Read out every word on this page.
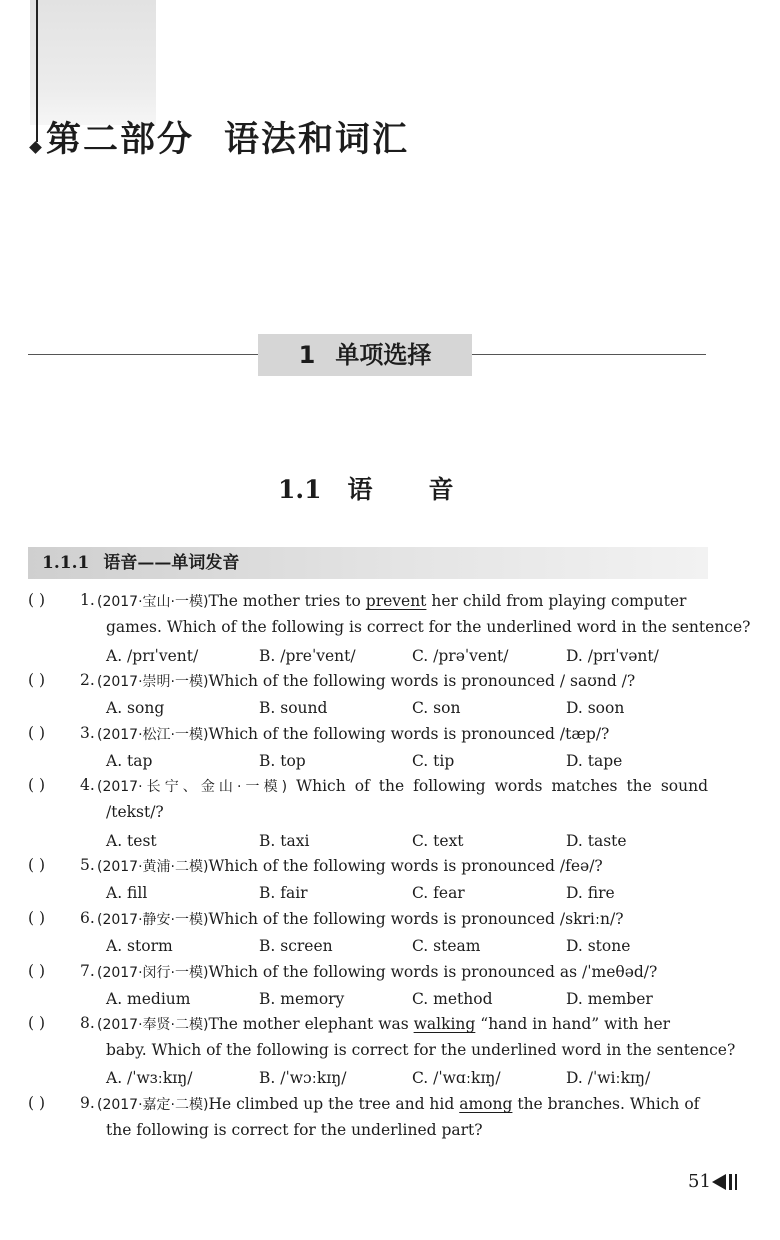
第二部分 语法和词汇
1 单项选择
1.1 语 音
1.1.1 语音——单词发音
( ) 1. (2017·宝山·一模)The mother tries to prevent her child from playing computer
games. Which of the following is correct for the underlined word in the sentence?
A. /prɪˈvent/	B. /preˈvent/	C. /prəˈvent/	D. /prɪˈvənt/
( ) 2. (2017·崇明·一模)Which of the following words is pronounced / saʊnd /?
A. song	B. sound	C. son	D. soon
( ) 3. (2017·松江·一模)Which of the following words is pronounced /tæp/?
A. tap	B. top	C. tip	D. tape
( ) 4. (2017·长宁、金山·一模) Which of the following words matches the sound
/tekst/?
A. test	B. taxi	C. text	D. taste
( ) 5. (2017·黄浦·二模)Which of the following words is pronounced /feə/?
A. fill	B. fair	C. fear	D. fire
( ) 6. (2017·静安·一模)Which of the following words is pronounced /skriːn/?
A. storm	B. screen	C. steam	D. stone
( ) 7. (2017·闵行·一模)Which of the following words is pronounced as /ˈmeθəd/?
A. medium	B. memory	C. method	D. member
( ) 8. (2017·奉贤·二模)The mother elephant was walking “hand in hand” with her
baby. Which of the following is correct for the underlined word in the sentence?
A. /ˈwɜːkɪŋ/	B. /ˈwɔːkɪŋ/	C. /ˈwɑːkɪŋ/	D. /ˈwiːkɪŋ/
( ) 9. (2017·嘉定·二模)He climbed up the tree and hid among the branches. Which of
the following is correct for the underlined part?
51
